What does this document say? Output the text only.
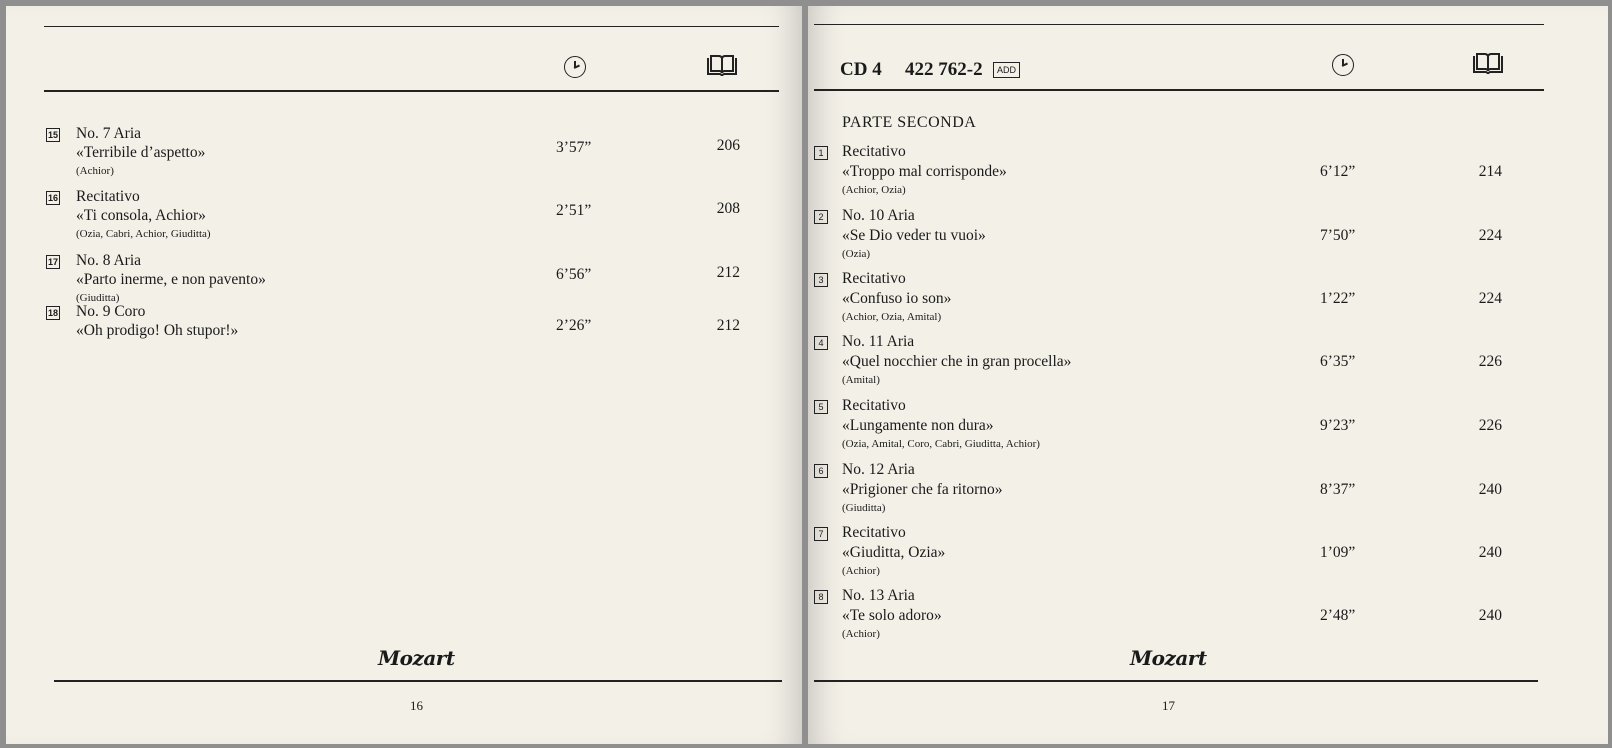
15 No. 7 Aria
«Terribile d’aspetto»
(Achior)
3’57”	206
16 Recitativo
«Ti consola, Achior»
(Ozia, Cabri, Achior, Giuditta)
2’51”	208
17 No. 8 Aria
«Parto inerme, e non pavento»
(Giuditta)
6’56”	212
18 No. 9 Coro
«Oh prodigo! Oh stupor!»	2’26”	212
Mozart
16
CD 4 422 762-2	ADD
PARTE SECONDA
1 Recitativo
«Troppo mal corrisponde»
(Achior, Ozia)
6’12”	214
2 No. 10 Aria
«Se Dio veder tu vuoi»
(Ozia)
7’50”	224
3 Recitativo
«Confuso io son»
(Achior, Ozia, Amital)
1’22”	224
4 No. 11 Aria
«Quel nocchier che in gran procella»
(Amital)
6’35”	226
5 Recitativo
«Lungamente non dura»
(Ozia, Amital, Coro, Cabri, Giuditta, Achior)
9’23”	226
6 No. 12 Aria
«Prigioner che fa ritorno»
(Giuditta)
8’37”	240
7 Recitativo
«Giuditta, Ozia»
(Achior)
1’09”	240
8 No. 13 Aria
«Te solo adoro»
(Achior)
2’48”	240
Mozart
17
